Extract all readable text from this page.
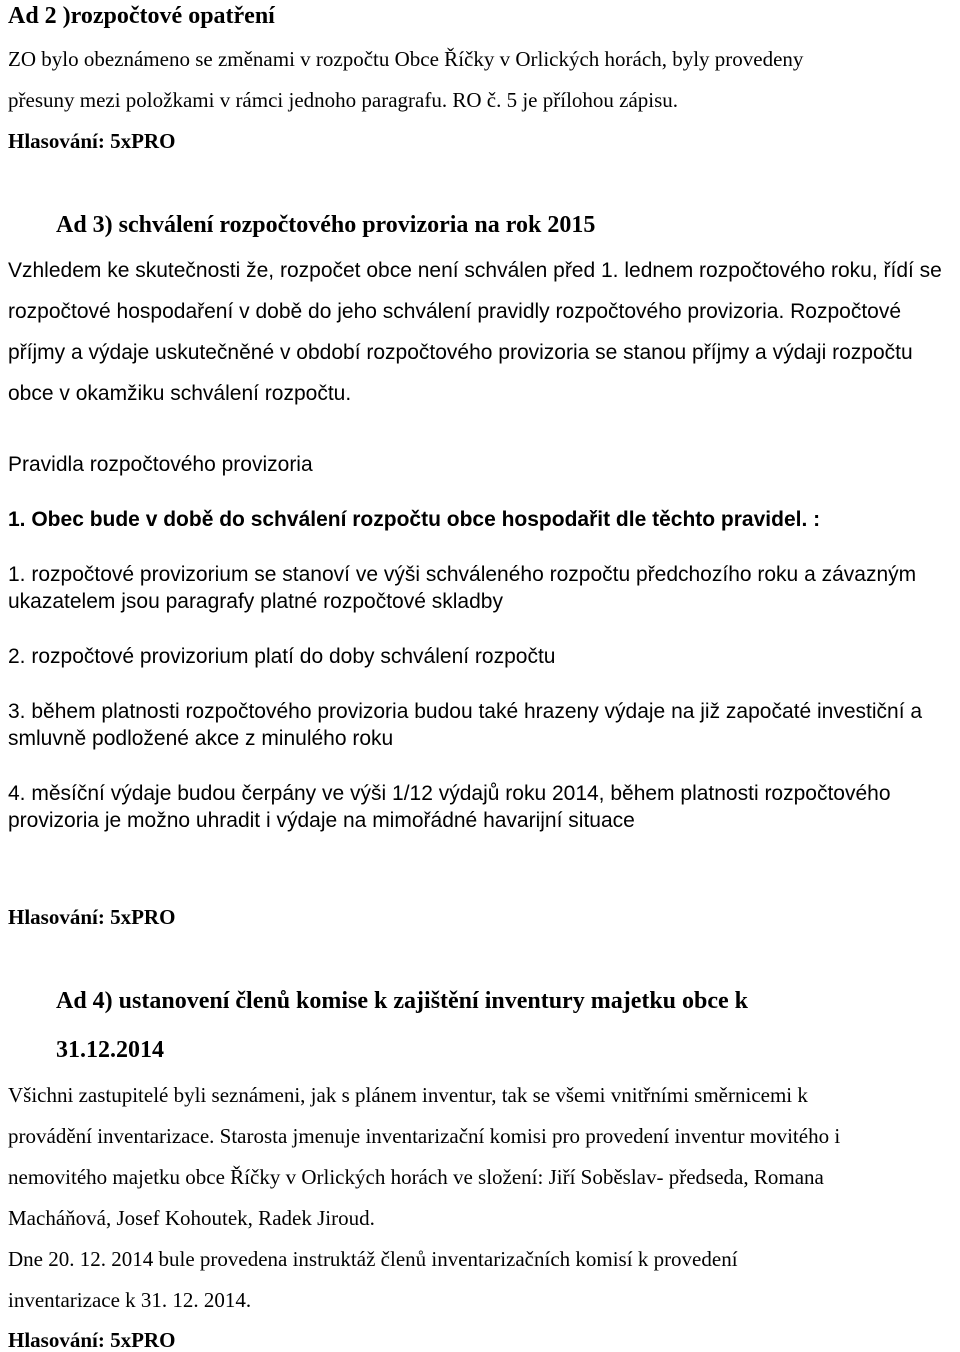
Ad 2 )rozpočtové opatření
ZO bylo obeznámeno se změnami v rozpočtu Obce Říčky v Orlických horách, byly provedeny
přesuny mezi položkami v rámci jednoho paragrafu. RO č. 5 je přílohou zápisu.
Hlasování: 5xPRO
Ad 3) schválení rozpočtového provizoria na rok 2015
Vzhledem ke skutečnosti že, rozpočet obce není schválen před 1. lednem rozpočtového roku, řídí se
rozpočtové hospodaření v době do jeho schválení pravidly rozpočtového provizoria. Rozpočtové
příjmy a výdaje uskutečněné v období rozpočtového provizoria se stanou příjmy a výdaji rozpočtu
obce v okamžiku schválení rozpočtu.
Pravidla rozpočtového provizoria
1. Obec bude v době do schválení rozpočtu obce hospodařit dle těchto pravidel. :
1. rozpočtové provizorium se stanoví ve výši schváleného rozpočtu předchozího roku a závazným
ukazatelem jsou paragrafy platné rozpočtové skladby
2. rozpočtové provizorium platí do doby schválení rozpočtu
3. během platnosti rozpočtového provizoria budou také hrazeny výdaje na již započaté investiční a
smluvně podložené akce z minulého roku
4. měsíční výdaje budou čerpány ve výši 1/12 výdajů roku 2014, během platnosti rozpočtového
provizoria je možno uhradit i výdaje na mimořádné havarijní situace
Hlasování: 5xPRO
Ad 4) ustanovení členů komise k zajištění inventury majetku obce k
31.12.2014
Všichni zastupitelé byli seznámeni, jak s plánem inventur, tak se všemi vnitřními směrnicemi k
provádění inventarizace. Starosta jmenuje inventarizační komisi pro provedení inventur movitého i
nemovitého majetku obce Říčky v Orlických horách ve složení: Jiří Soběslav- předseda, Romana
Macháňová, Josef Kohoutek, Radek Jiroud.
Dne 20. 12. 2014 bule provedena instruktáž členů inventarizačních komisí k provedení
inventarizace k 31. 12. 2014.
Hlasování: 5xPRO
